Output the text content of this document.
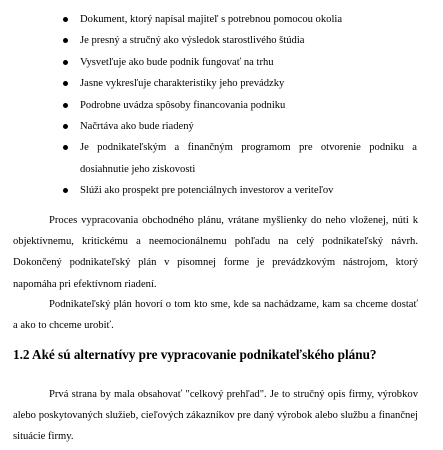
Dokument, ktorý napísal majiteľ s potrebnou pomocou okolia
Je presný a stručný ako výsledok starostlivého štúdia
Vysvetľuje ako bude podnik fungovať na trhu
Jasne vykresľuje charakteristiky jeho prevádzky
Podrobne uvádza spôsoby financovania podniku
Načrtáva ako bude riadený
Je podnikateľským a finančným programom pre otvorenie podniku a dosiahnutie jeho ziskovosti
Slúži ako prospekt pre potenciálnych investorov a veriteľov

Proces vypracovania obchodného plánu, vrátane myšlienky do neho vloženej, núti k objektívnemu, kritickému a neemocionálnemu pohľadu na celý podnikateľský návrh. Dokončený podnikateľský plán v písomnej forme je prevádzkovým nástrojom, ktorý napomáha pri efektívnom riadení.

Podnikateľský plán hovorí o tom kto sme, kde sa nachádzame, kam sa chceme dostať a ako to chceme urobiť.

1.2 Aké sú alternatívy pre vypracovanie podnikateľského plánu?

Prvá strana by mala obsahovať "celkový prehľad". Je to stručný opis firmy, výrobkov alebo poskytovaných služieb, cieľových zákazníkov pre daný výrobok alebo službu a finančnej situácie firmy.
